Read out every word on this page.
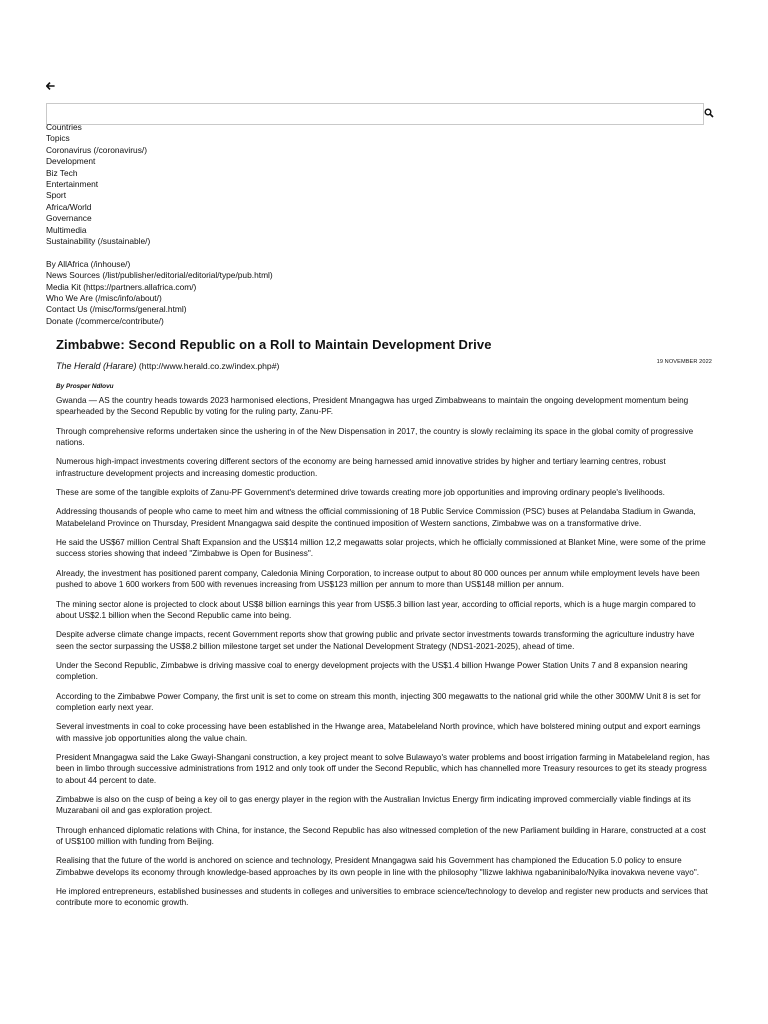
Countries
Topics
Coronavirus (/coronavirus/)
Development
Biz Tech
Entertainment
Sport
Africa/World
Governance
Multimedia
Sustainability (/sustainable/)
By AllAfrica (/inhouse/)
News Sources (/list/publisher/editorial/editorial/type/pub.html)
Media Kit (https://partners.allafrica.com/)
Who We Are (/misc/info/about/)
Contact Us (/misc/forms/general.html)
Donate (/commerce/contribute/)
Zimbabwe: Second Republic on a Roll to Maintain Development Drive
The Herald (Harare) (http://www.herald.co.zw/index.php#)	19 NOVEMBER 2022
By Prosper Ndlovu

Gwanda — AS the country heads towards 2023 harmonised elections, President Mnangagwa has urged Zimbabweans to maintain the ongoing development momentum being spearheaded by the Second Republic by voting for the ruling party, Zanu-PF.

Through comprehensive reforms undertaken since the ushering in of the New Dispensation in 2017, the country is slowly reclaiming its space in the global comity of progressive nations.

Numerous high-impact investments covering different sectors of the economy are being harnessed amid innovative strides by higher and tertiary learning centres, robust infrastructure development projects and increasing domestic production.

These are some of the tangible exploits of Zanu-PF Government's determined drive towards creating more job opportunities and improving ordinary people's livelihoods.

Addressing thousands of people who came to meet him and witness the official commissioning of 18 Public Service Commission (PSC) buses at Pelandaba Stadium in Gwanda, Matabeleland Province on Thursday, President Mnangagwa said despite the continued imposition of Western sanctions, Zimbabwe was on a transformative drive.

He said the US$67 million Central Shaft Expansion and the US$14 million 12,2 megawatts solar projects, which he officially commissioned at Blanket Mine, were some of the prime success stories showing that indeed "Zimbabwe is Open for Business".

Already, the investment has positioned parent company, Caledonia Mining Corporation, to increase output to about 80 000 ounces per annum while employment levels have been pushed to above 1 600 workers from 500 with revenues increasing from US$123 million per annum to more than US$148 million per annum.

The mining sector alone is projected to clock about US$8 billion earnings this year from US$5.3 billion last year, according to official reports, which is a huge margin compared to about US$2.1 billion when the Second Republic came into being.

Despite adverse climate change impacts, recent Government reports show that growing public and private sector investments towards transforming the agriculture industry have seen the sector surpassing the US$8.2 billion milestone target set under the National Development Strategy (NDS1-2021-2025), ahead of time.

Under the Second Republic, Zimbabwe is driving massive coal to energy development projects with the US$1.4 billion Hwange Power Station Units 7 and 8 expansion nearing completion.

According to the Zimbabwe Power Company, the first unit is set to come on stream this month, injecting 300 megawatts to the national grid while the other 300MW Unit 8 is set for completion early next year.

Several investments in coal to coke processing have been established in the Hwange area, Matabeleland North province, which have bolstered mining output and export earnings with massive job opportunities along the value chain.

President Mnangagwa said the Lake Gwayi-Shangani construction, a key project meant to solve Bulawayo's water problems and boost irrigation farming in Matabeleland region, has been in limbo through successive administrations from 1912 and only took off under the Second Republic, which has channelled more Treasury resources to get its steady progress to about 44 percent to date.

Zimbabwe is also on the cusp of being a key oil to gas energy player in the region with the Australian Invictus Energy firm indicating improved commercially viable findings at its Muzarabani oil and gas exploration project.

Through enhanced diplomatic relations with China, for instance, the Second Republic has also witnessed completion of the new Parliament building in Harare, constructed at a cost of US$100 million with funding from Beijing.

Realising that the future of the world is anchored on science and technology, President Mnangagwa said his Government has championed the Education 5.0 policy to ensure Zimbabwe develops its economy through knowledge-based approaches by its own people in line with the philosophy "Ilizwe lakhiwa ngabaninibalo/Nyika inovakwa nevene vayo".

He implored entrepreneurs, established businesses and students in colleges and universities to embrace science/technology to develop and register new products and services that contribute more to economic growth.
